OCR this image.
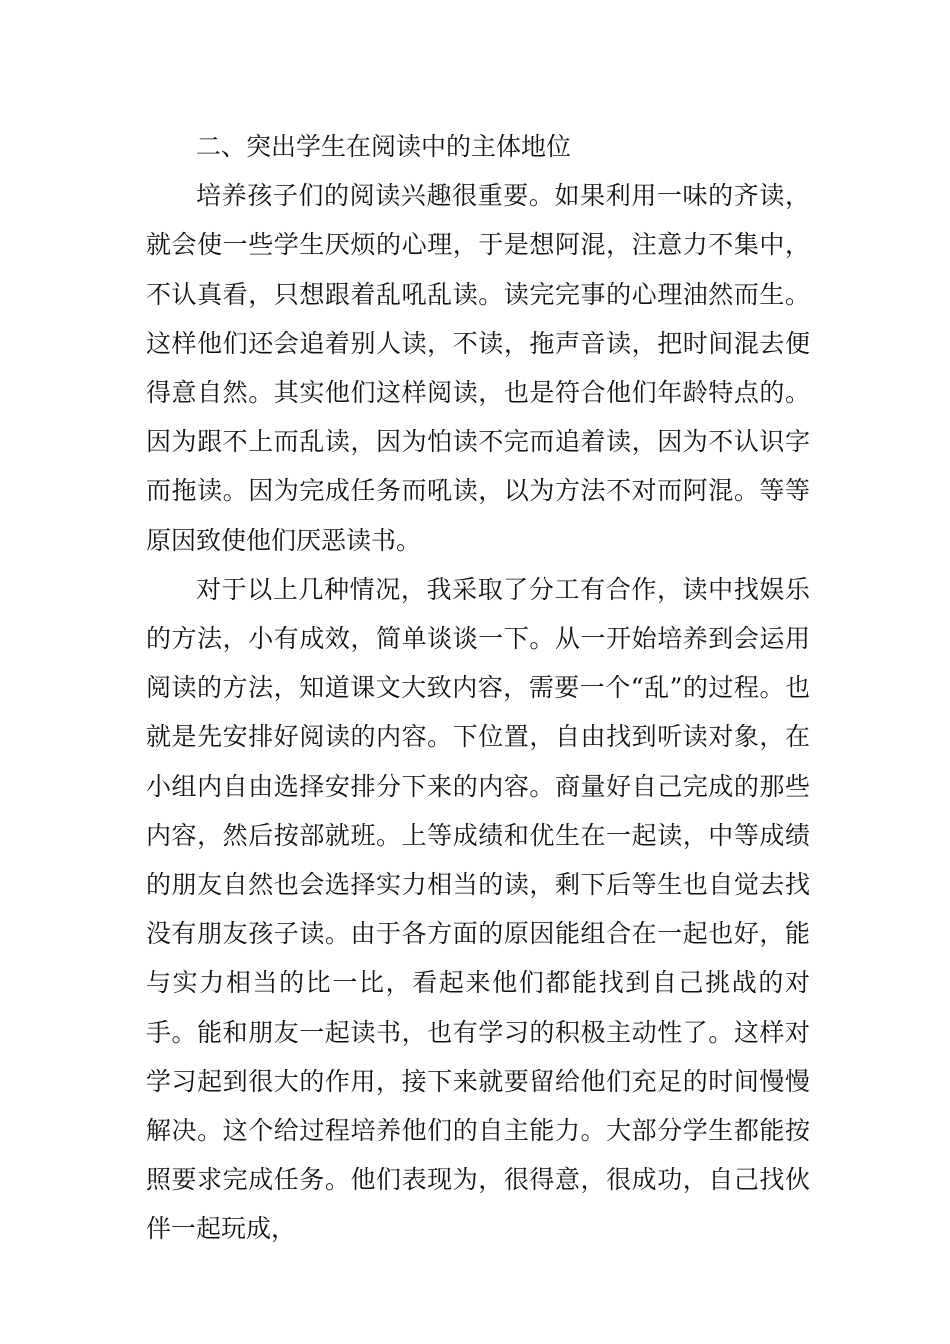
二、突出学生在阅读中的主体地位

培养孩子们的阅读兴趣很重要。如果利用一味的齐读，就会使一些学生厌烦的心理，于是想阿混，注意力不集中，不认真看，只想跟着乱吼乱读。读完完事的心理油然而生。这样他们还会追着别人读，不读，拖声音读，把时间混去便得意自然。其实他们这样阅读，也是符合他们年龄特点的。因为跟不上而乱读，因为怕读不完而追着读，因为不认识字而拖读。因为完成任务而吼读，以为方法不对而阿混。等等原因致使他们厌恶读书。

对于以上几种情况，我采取了分工有合作，读中找娱乐的方法，小有成效，简单谈谈一下。从一开始培养到会运用阅读的方法，知道课文大致内容，需要一个“乱”的过程。也就是先安排好阅读的内容。下位置，自由找到听读对象，在小组内自由选择安排分下来的内容。商量好自己完成的那些内容，然后按部就班。上等成绩和优生在一起读，中等成绩的朋友自然也会选择实力相当的读，剩下后等生也自觉去找没有朋友孩子读。由于各方面的原因能组合在一起也好，能与实力相当的比一比，看起来他们都能找到自己挑战的对手。能和朋友一起读书，也有学习的积极主动性了。这样对学习起到很大的作用，接下来就要留给他们充足的时间慢慢解决。这个给过程培养他们的自主能力。大部分学生都能按照要求完成任务。他们表现为，很得意，很成功，自己找伙伴一起玩成，
